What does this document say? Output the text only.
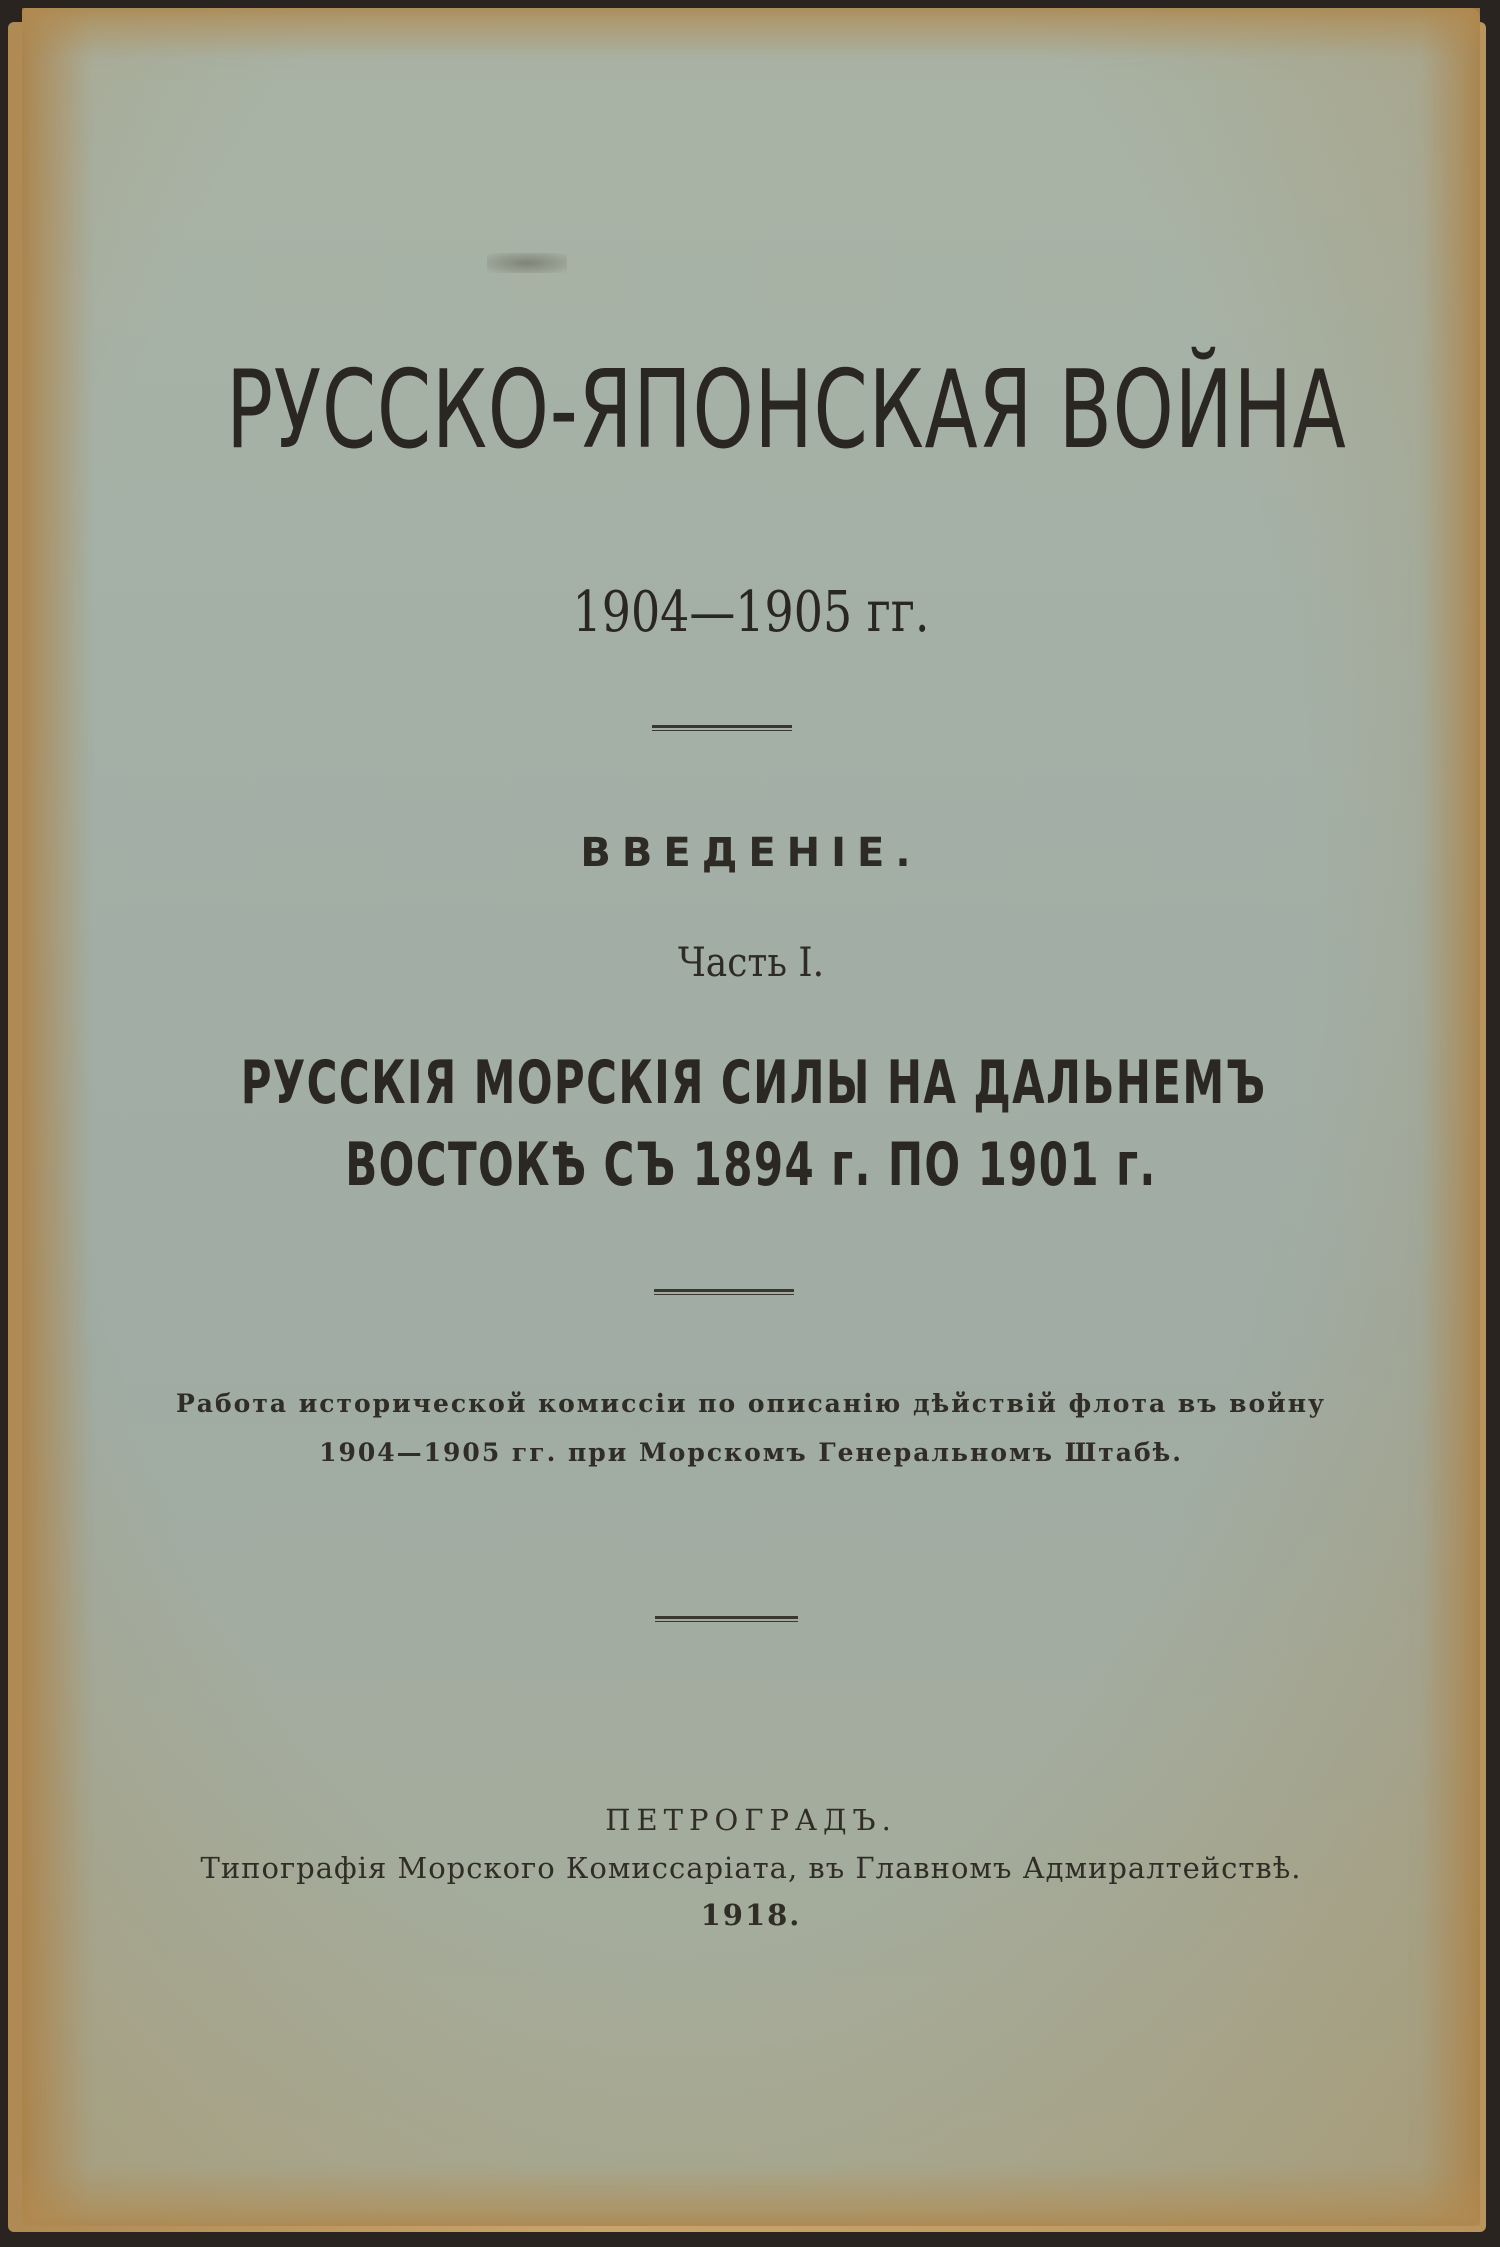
РУССКО-ЯПОНСКАЯ ВОЙНА
1904—1905 гг.
ВВЕДЕНІЕ.
Часть I.
РУССКІЯ МОРСКІЯ СИЛЫ НА ДАЛЬНЕМЪ
ВОСТОКѢ СЪ 1894 г. ПО 1901 г.
Работа исторической комиссіи по описанію дѣйствій флота въ войну
1904—1905 гг. при Морскомъ Генеральномъ Штабѣ.
ПЕТРОГРАДЪ.
Типографія Морского Комиссаріата, въ Главномъ Адмиралтействѣ.
1918.
